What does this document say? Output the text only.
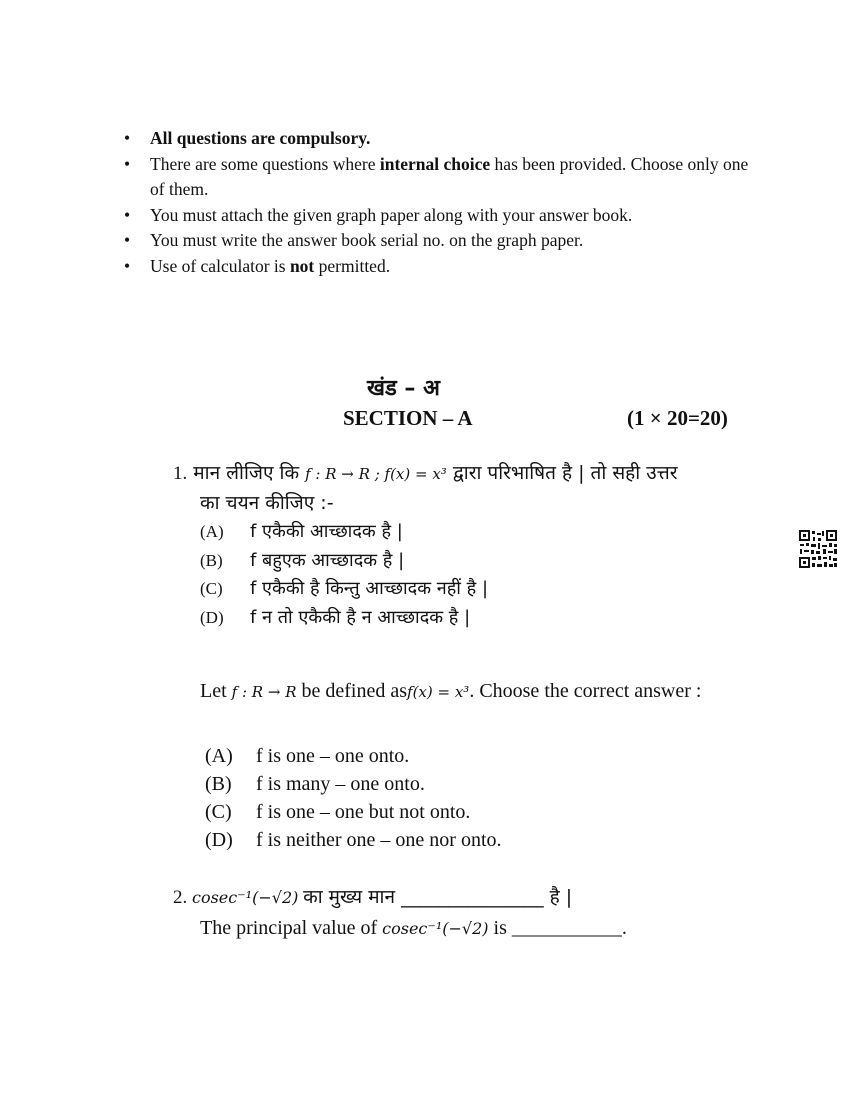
• All questions are compulsory.
• There are some questions where internal choice has been provided. Choose only one of them.
• You must attach the given graph paper along with your answer book.
• You must write the answer book serial no. on the graph paper.
• Use of calculator is not permitted.
खंड – अ
SECTION – A	(1 × 20=20)
1. मान लीजिए कि f : R → R ; f(x) = x³ द्वारा परिभाषित है | तो सही उत्तर
का चयन कीजिए :-
(A) f एकैकी आच्छादक है |
(B) f बहुएक आच्छादक है |
(C) f एकैकी है किन्तु आच्छादक नहीं है |
(D) f न तो एकैकी है न आच्छादक है |
Let f : R → R be defined asf(x) = x³. Choose the correct answer :
(A) f is one – one onto.
(B) f is many – one onto.
(C) f is one – one but not onto.
(D) f is neither one – one nor onto.
2. cosec⁻¹(−√2) का मुख्य मान _______________ है |
The principal value of cosec⁻¹(−√2) is ___________.
